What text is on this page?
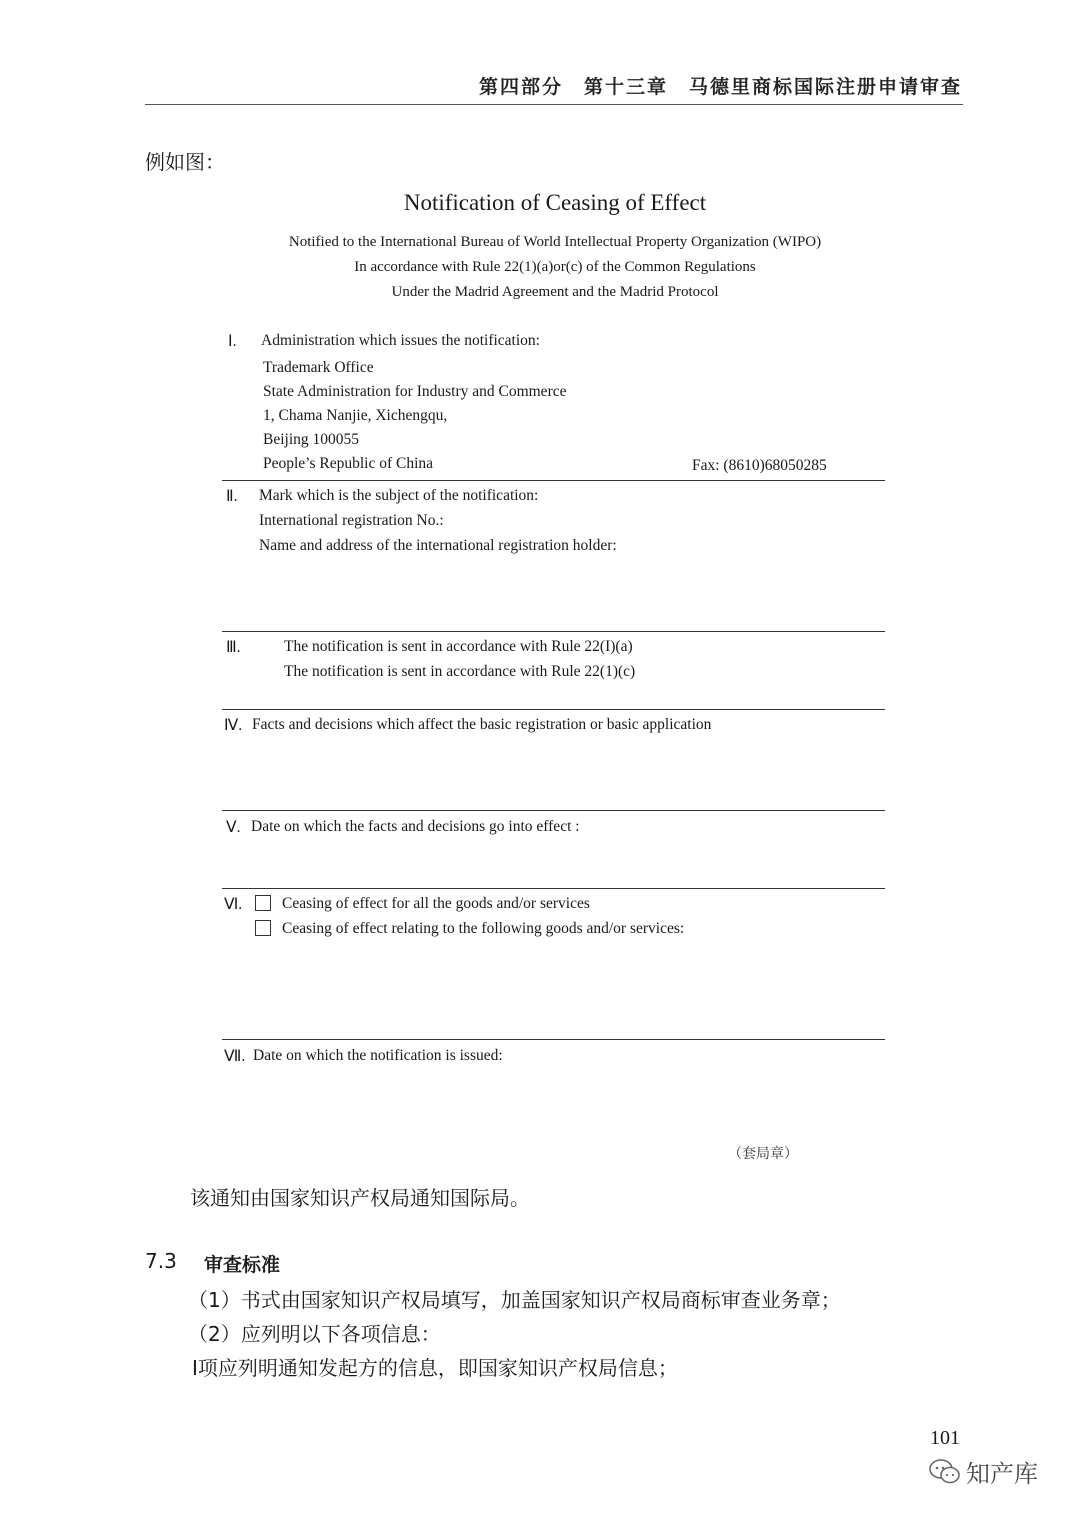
第四部分　第十三章　马德里商标国际注册申请审查
例如图：
Notification of Ceasing of Effect
Notified to the International Bureau of World Intellectual Property Organization (WIPO)
In accordance with Rule 22(1)(a)or(c) of the Common Regulations
Under the Madrid Agreement and the Madrid Protocol
Ⅰ. Administration which issues the notification:
Trademark Office
State Administration for Industry and Commerce
1, Chama Nanjie, Xichengqu,
Beijing 100055
People’s Republic of China	Fax: (8610)68050285
Ⅱ. Mark which is the subject of the notification:
International registration No.:
Name and address of the international registration holder:
Ⅲ.	The notification is sent in accordance with Rule 22(I)(a)
The notification is sent in accordance with Rule 22(1)(c)
Ⅳ. Facts and decisions which affect the basic registration or basic application
Ⅴ. Date on which the facts and decisions go into effect :
Ⅵ.	Ceasing of effect for all the goods and/or services
Ceasing of effect relating to the following goods and/or services:
Ⅶ. Date on which the notification is issued:
（套局章）
该通知由国家知识产权局通知国际局。
7.3 审查标准
（1）书式由国家知识产权局填写，加盖国家知识产权局商标审查业务章；
（2）应列明以下各项信息：
Ⅰ项应列明通知发起方的信息，即国家知识产权局信息；
101
知产库
